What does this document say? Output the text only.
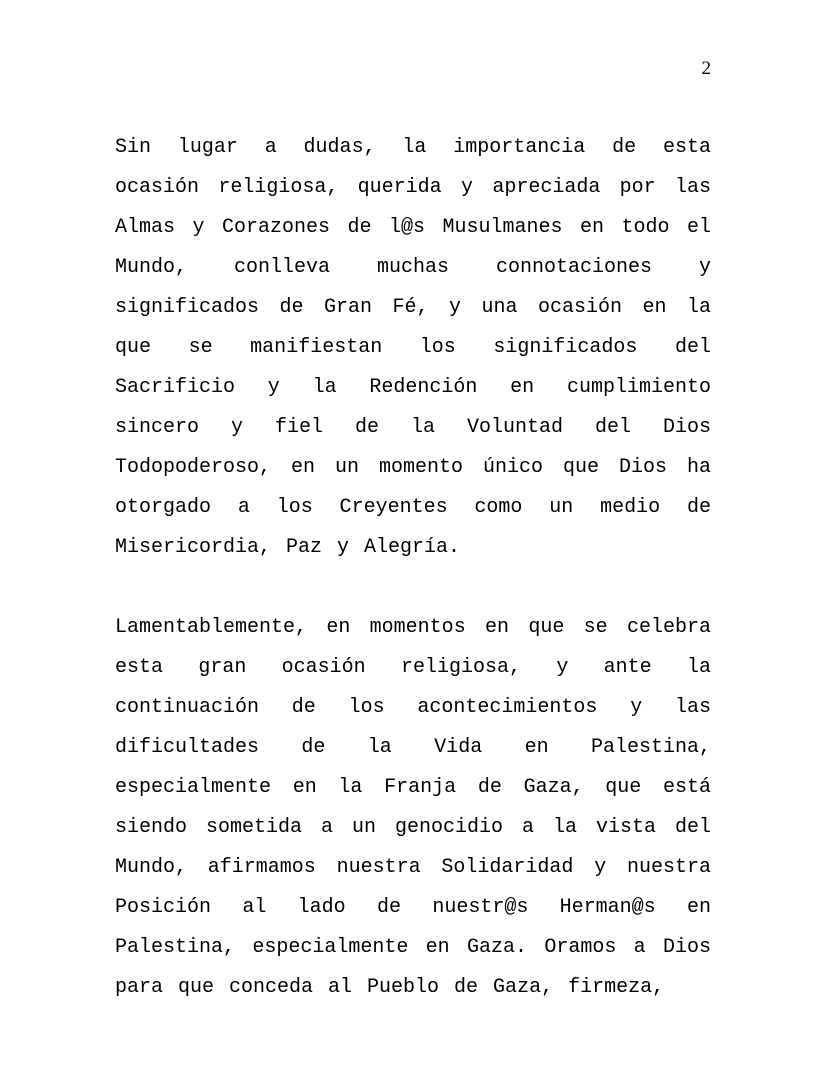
2

Sin lugar a dudas, la importancia de esta ocasión religiosa, querida y apreciada por las Almas y Corazones de l@s Musulmanes en todo el Mundo, conlleva muchas connotaciones y significados de Gran Fé, y una ocasión en la que se manifiestan los significados del Sacrificio y la Redención en cumplimiento sincero y fiel de la Voluntad del Dios Todopoderoso, en un momento único que Dios ha otorgado a los Creyentes como un medio de Misericordia, Paz y Alegría.

Lamentablemente, en momentos en que se celebra esta gran ocasión religiosa, y ante la continuación de los acontecimientos y las dificultades de la Vida en Palestina, especialmente en la Franja de Gaza, que está siendo sometida a un genocidio a la vista del Mundo, afirmamos nuestra Solidaridad y nuestra Posición al lado de nuestr@s Herman@s en Palestina, especialmente en Gaza. Oramos a Dios para que conceda al Pueblo de Gaza, firmeza,
